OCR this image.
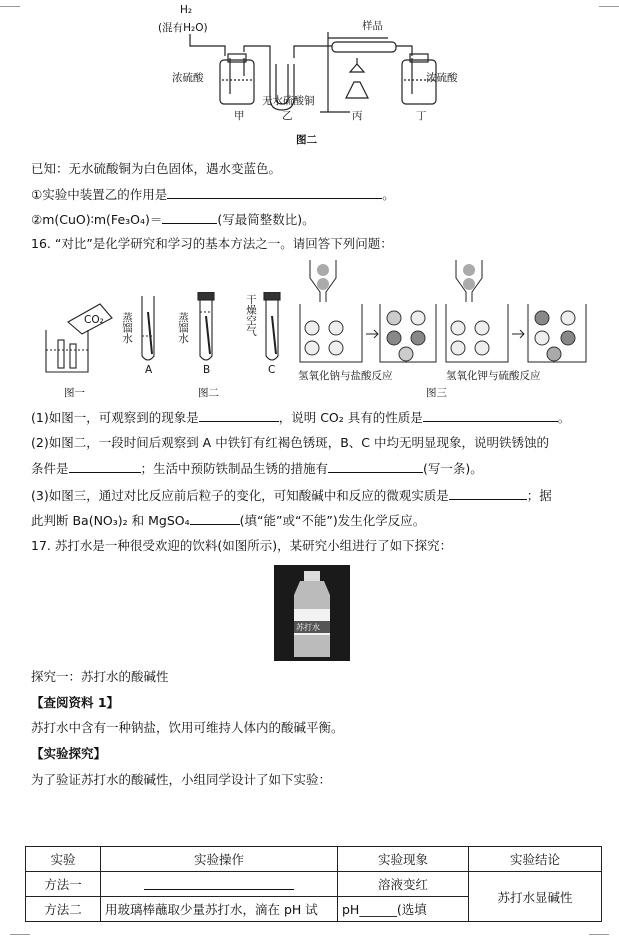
H₂
(混有H₂O)	样品
浓硫酸	浓硫酸
无水硫酸铜
甲	乙	丙	丁
图二
已知：无水硫酸铜为白色固体，遇水变蓝色。
①实验中装置乙的作用是	。
②m(CuO)∶m(Fe₃O₄)＝	(写最简整数比)。
16. “对比”是化学研究和学习的基本方法之一。请回答下列问题：
CO₂
图一
蒸馏水	蒸馏水	干燥空气
A	B	C
图二
氢氧化钠与盐酸反应	氢氧化钾与硫酸反应
图三
(1)如图一，可观察到的现象是	，说明 CO₂ 具有的性质是	。
(2)如图二，一段时间后观察到 A 中铁钉有红褐色锈斑，B、C 中均无明显现象，说明铁锈蚀的
条件是	；生活中预防铁制品生锈的措施有	(写一条)。
(3)如图三，通过对比反应前后粒子的变化，可知酸碱中和反应的微观实质是	；据
此判断 Ba(NO₃)₂ 和 MgSO₄	(填“能”或“不能”)发生化学反应。
17. 苏打水是一种很受欢迎的饮料(如图所示)，某研究小组进行了如下探究：
苏打水
探究一：苏打水的酸碱性
【查阅资料 1】
苏打水中含有一种钠盐，饮用可维持人体内的酸碱平衡。
【实验探究】
为了验证苏打水的酸碱性，小组同学设计了如下实验：
实验	实验操作	实验现象	实验结论
方法一		溶液变红	苏打水显碱性
方法二	用玻璃棒蘸取少量苏打水，滴在 pH 试	pH______(选填	
